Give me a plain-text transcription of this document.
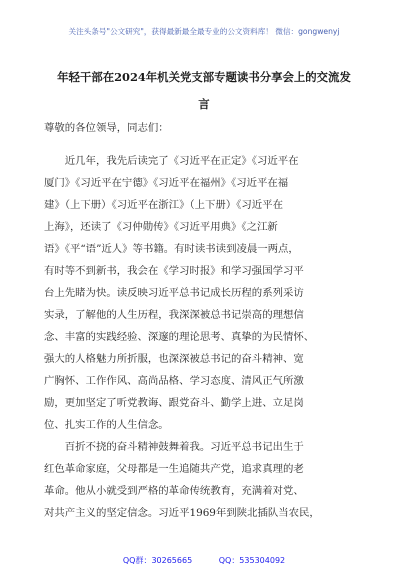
关注头条号"公文研究"，获得最新最全最专业的公文资料库！ 微信：gongwenyj
年轻干部在2024年机关党支部专题读书分享会上的交流发
言
尊敬的各位领导，同志们：
　　近几年，我先后读完了《习近平在正定》《习近平在
厦门》《习近平在宁德》《习近平在福州》《习近平在福
建》（上下册）《习近平在浙江》（上下册）《习近平在
上海》，还读了《习仲勋传》《习近平用典》《之江新
语》《平“语”近人》等书籍。有时读书读到凌晨一两点，
有时等不到新书，我会在《学习时报》和学习强国学习平
台上先睹为快。读反映习近平总书记成长历程的系列采访
实录，了解他的人生历程，我深深被总书记崇高的理想信
念、丰富的实践经验、深邃的理论思考、真挚的为民情怀、
强大的人格魅力所折服，也深深被总书记的奋斗精神、宽
广胸怀、工作作风、高尚品格、学习态度、清风正气所激
励，更加坚定了听党教诲、跟党奋斗、勤学上进、立足岗
位、扎实工作的人生信念。
　　百折不挠的奋斗精神鼓舞着我。习近平总书记出生于
红色革命家庭，父母都是一生追随共产党，追求真理的老
革命。他从小就受到严格的革命传统教育，充满着对党、
对共产主义的坚定信念。习近平1969年到陕北插队当农民，
QQ群：30265665	QQ：535304092
